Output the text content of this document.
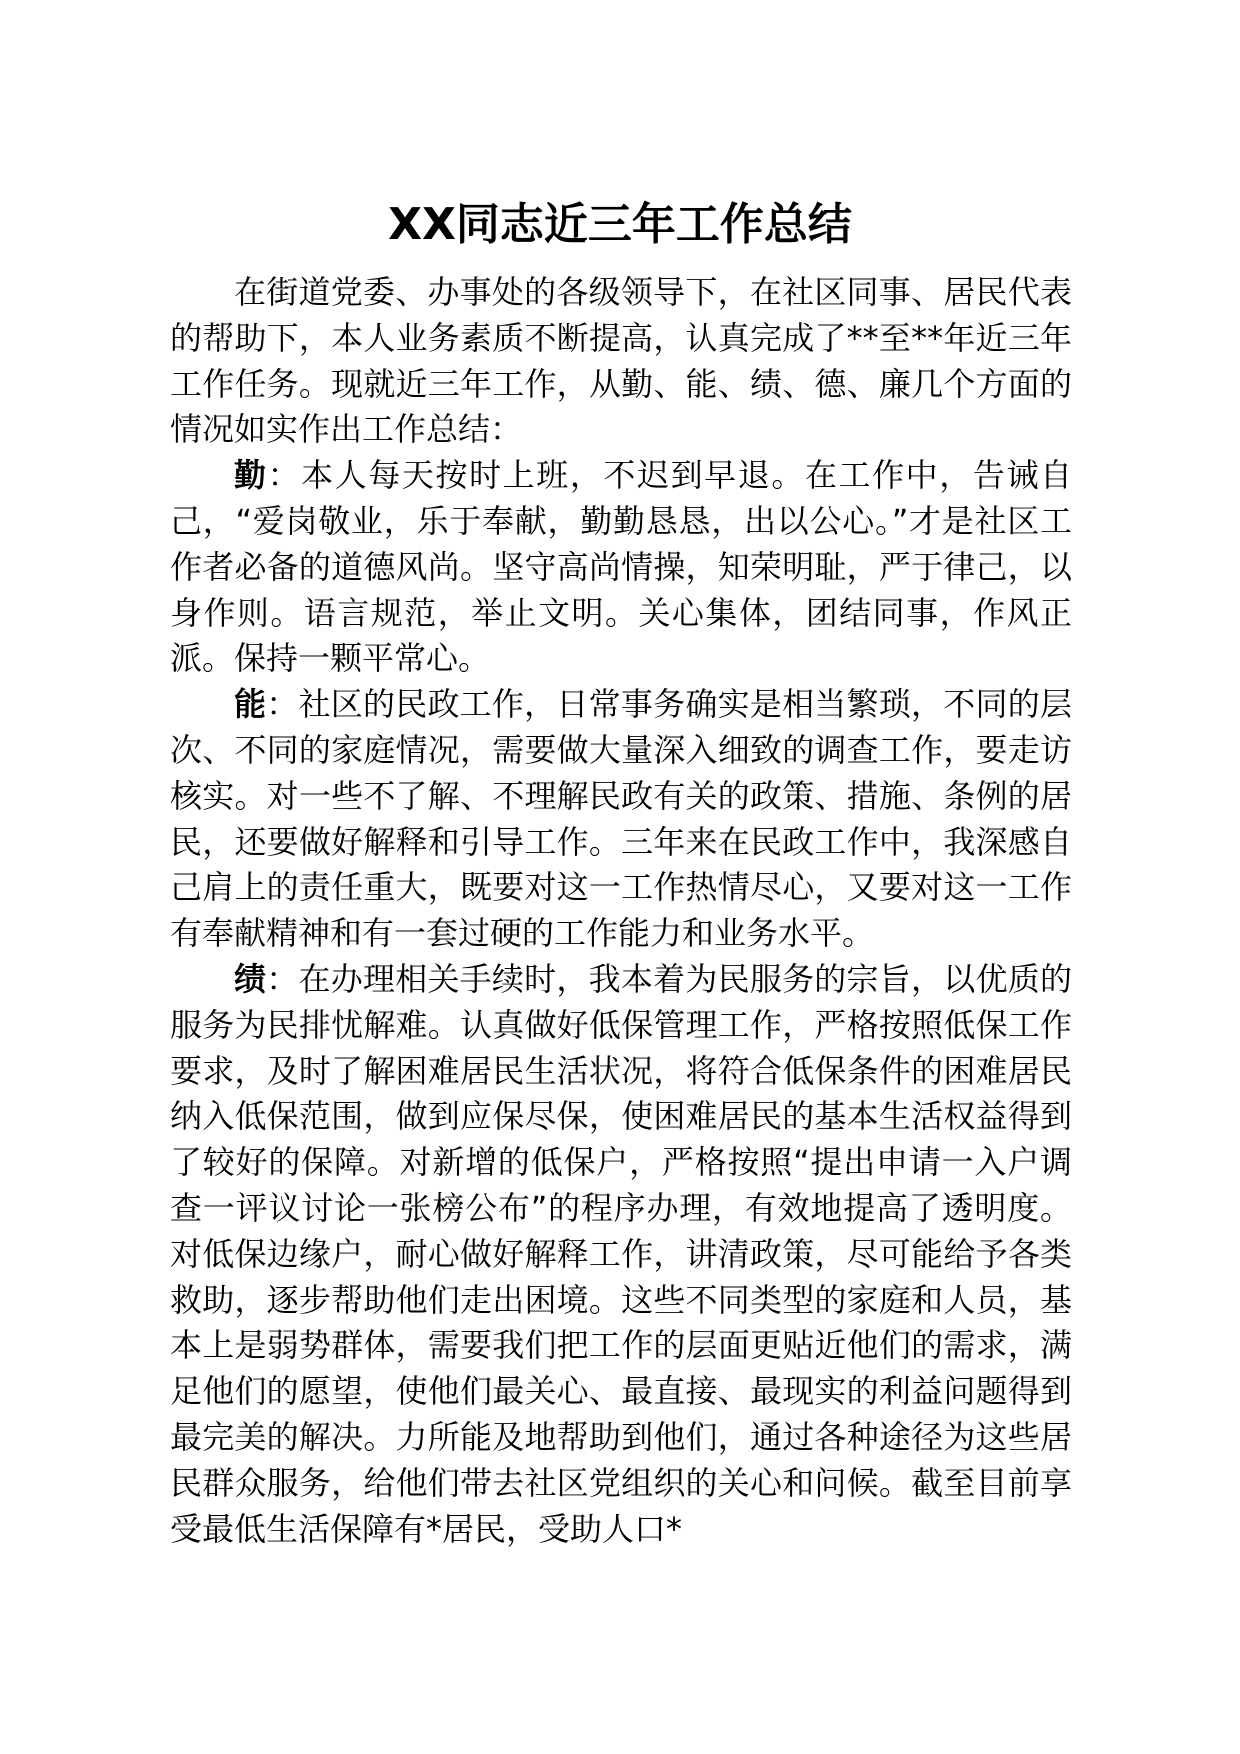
XX同志近三年工作总结

在街道党委、办事处的各级领导下，在社区同事、居民代表的帮助下，本人业务素质不断提高，认真完成了**至**年近三年工作任务。现就近三年工作，从勤、能、绩、德、廉几个方面的情况如实作出工作总结：

勤：本人每天按时上班，不迟到早退。在工作中，告诫自己，“爱岗敬业，乐于奉献，勤勤恳恳，出以公心。”才是社区工作者必备的道德风尚。坚守高尚情操，知荣明耻，严于律己，以身作则。语言规范，举止文明。关心集体，团结同事，作风正派。保持一颗平常心。

能：社区的民政工作，日常事务确实是相当繁琐，不同的层次、不同的家庭情况，需要做大量深入细致的调查工作，要走访核实。对一些不了解、不理解民政有关的政策、措施、条例的居民，还要做好解释和引导工作。三年来在民政工作中，我深感自己肩上的责任重大，既要对这一工作热情尽心，又要对这一工作有奉献精神和有一套过硬的工作能力和业务水平。

绩：在办理相关手续时，我本着为民服务的宗旨，以优质的服务为民排忧解难。认真做好低保管理工作，严格按照低保工作要求，及时了解困难居民生活状况，将符合低保条件的困难居民纳入低保范围，做到应保尽保，使困难居民的基本生活权益得到了较好的保障。对新增的低保户，严格按照“提出申请一入户调查一评议讨论一张榜公布”的程序办理，有效地提高了透明度。对低保边缘户，耐心做好解释工作，讲清政策，尽可能给予各类救助，逐步帮助他们走出困境。这些不同类型的家庭和人员，基本上是弱势群体，需要我们把工作的层面更贴近他们的需求，满足他们的愿望，使他们最关心、最直接、最现实的利益问题得到最完美的解决。力所能及地帮助到他们，通过各种途径为这些居民群众服务，给他们带去社区党组织的关心和问候。截至目前享受最低生活保障有*居民，受助人口*
